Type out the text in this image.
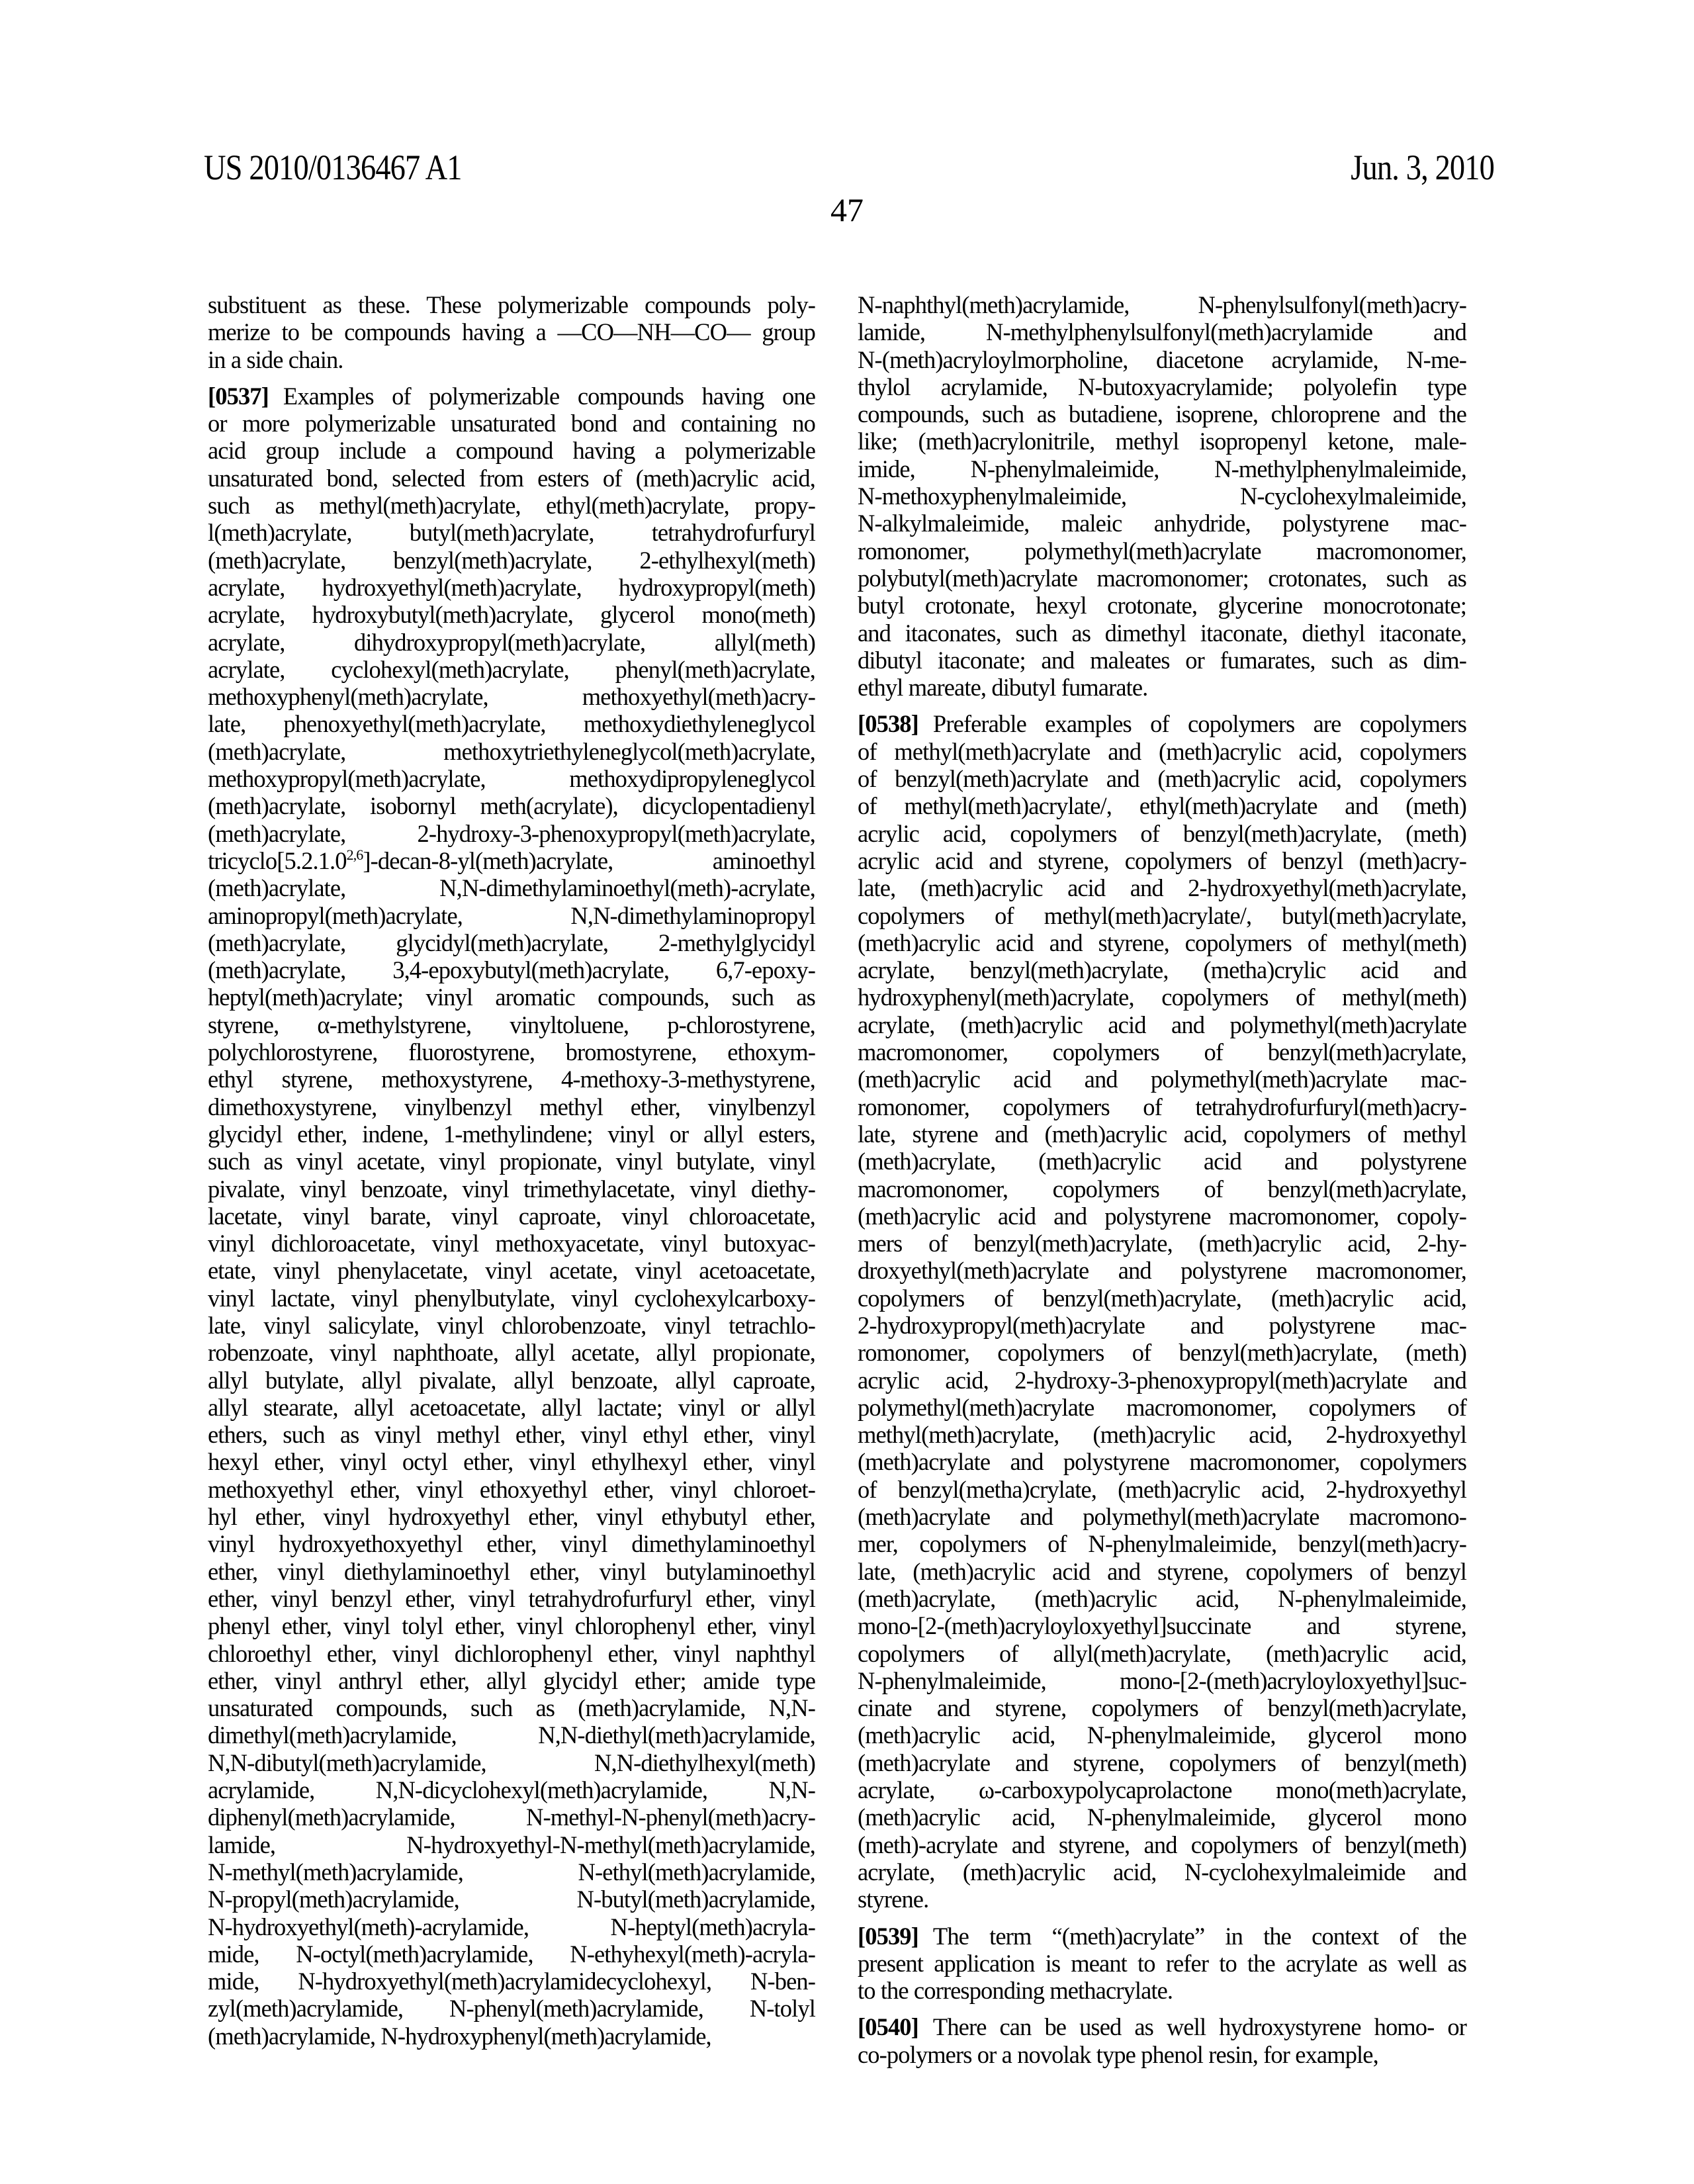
US 2010/0136467 A1	Jun. 3, 2010
47
substituent as these. These polymerizable compounds poly-
merize to be compounds having a —CO—NH—CO— group
in a side chain.
[0537] Examples of polymerizable compounds having one
or more polymerizable unsaturated bond and containing no
acid group include a compound having a polymerizable
unsaturated bond, selected from esters of (meth)acrylic acid,
such as methyl(meth)acrylate, ethyl(meth)acrylate, propy-
l(meth)acrylate, butyl(meth)acrylate, tetrahydrofurfuryl
(meth)acrylate, benzyl(meth)acrylate, 2-ethylhexyl(meth)
acrylate, hydroxyethyl(meth)acrylate, hydroxypropyl(meth)
acrylate, hydroxybutyl(meth)acrylate, glycerol mono(meth)
acrylate, dihydroxypropyl(meth)acrylate, allyl(meth)
acrylate, cyclohexyl(meth)acrylate, phenyl(meth)acrylate,
methoxyphenyl(meth)acrylate, methoxyethyl(meth)acry-
late, phenoxyethyl(meth)acrylate, methoxydiethyleneglycol
(meth)acrylate, methoxytriethyleneglycol(meth)acrylate,
methoxypropyl(meth)acrylate, methoxydipropyleneglycol
(meth)acrylate, isobornyl meth(acrylate), dicyclopentadienyl
(meth)acrylate, 2-hydroxy-3-phenoxypropyl(meth)acrylate,
tricyclo[5.2.1.0$^{2,6}$]-decan-8-yl(meth)acrylate, aminoethyl
(meth)acrylate, N,N-dimethylaminoethyl(meth)-acrylate,
aminopropyl(meth)acrylate, N,N-dimethylaminopropyl
(meth)acrylate, glycidyl(meth)acrylate, 2-methylglycidyl
(meth)acrylate, 3,4-epoxybutyl(meth)acrylate, 6,7-epoxy-
heptyl(meth)acrylate; vinyl aromatic compounds, such as
styrene, α-methylstyrene, vinyltoluene, p-chlorostyrene,
polychlorostyrene, fluorostyrene, bromostyrene, ethoxym-
ethyl styrene, methoxystyrene, 4-methoxy-3-methystyrene,
dimethoxystyrene, vinylbenzyl methyl ether, vinylbenzyl
glycidyl ether, indene, 1-methylindene; vinyl or allyl esters,
such as vinyl acetate, vinyl propionate, vinyl butylate, vinyl
pivalate, vinyl benzoate, vinyl trimethylacetate, vinyl diethy-
lacetate, vinyl barate, vinyl caproate, vinyl chloroacetate,
vinyl dichloroacetate, vinyl methoxyacetate, vinyl butoxyac-
etate, vinyl phenylacetate, vinyl acetate, vinyl acetoacetate,
vinyl lactate, vinyl phenylbutylate, vinyl cyclohexylcarboxy-
late, vinyl salicylate, vinyl chlorobenzoate, vinyl tetrachlo-
robenzoate, vinyl naphthoate, allyl acetate, allyl propionate,
allyl butylate, allyl pivalate, allyl benzoate, allyl caproate,
allyl stearate, allyl acetoacetate, allyl lactate; vinyl or allyl
ethers, such as vinyl methyl ether, vinyl ethyl ether, vinyl
hexyl ether, vinyl octyl ether, vinyl ethylhexyl ether, vinyl
methoxyethyl ether, vinyl ethoxyethyl ether, vinyl chloroet-
hyl ether, vinyl hydroxyethyl ether, vinyl ethybutyl ether,
vinyl hydroxyethoxyethyl ether, vinyl dimethylaminoethyl
ether, vinyl diethylaminoethyl ether, vinyl butylaminoethyl
ether, vinyl benzyl ether, vinyl tetrahydrofurfuryl ether, vinyl
phenyl ether, vinyl tolyl ether, vinyl chlorophenyl ether, vinyl
chloroethyl ether, vinyl dichlorophenyl ether, vinyl naphthyl
ether, vinyl anthryl ether, allyl glycidyl ether; amide type
unsaturated compounds, such as (meth)acrylamide, N,N-
dimethyl(meth)acrylamide, N,N-diethyl(meth)acrylamide,
N,N-dibutyl(meth)acrylamide, N,N-diethylhexyl(meth)
acrylamide, N,N-dicyclohexyl(meth)acrylamide, N,N-
diphenyl(meth)acrylamide, N-methyl-N-phenyl(meth)acry-
lamide, N-hydroxyethyl-N-methyl(meth)acrylamide,
N-methyl(meth)acrylamide, N-ethyl(meth)acrylamide,
N-propyl(meth)acrylamide, N-butyl(meth)acrylamide,
N-hydroxyethyl(meth)-acrylamide, N-heptyl(meth)acryla-
mide, N-octyl(meth)acrylamide, N-ethyhexyl(meth)-acryla-
mide, N-hydroxyethyl(meth)acrylamidecyclohexyl, N-ben-
zyl(meth)acrylamide, N-phenyl(meth)acrylamide, N-tolyl
(meth)acrylamide, N-hydroxyphenyl(meth)acrylamide,
N-naphthyl(meth)acrylamide, N-phenylsulfonyl(meth)acry-
lamide, N-methylphenylsulfonyl(meth)acrylamide and
N-(meth)acryloylmorpholine, diacetone acrylamide, N-me-
thylol acrylamide, N-butoxyacrylamide; polyolefin type
compounds, such as butadiene, isoprene, chloroprene and the
like; (meth)acrylonitrile, methyl isopropenyl ketone, male-
imide, N-phenylmaleimide, N-methylphenylmaleimide,
N-methoxyphenylmaleimide, N-cyclohexylmaleimide,
N-alkylmaleimide, maleic anhydride, polystyrene mac-
romonomer, polymethyl(meth)acrylate macromonomer,
polybutyl(meth)acrylate macromonomer; crotonates, such as
butyl crotonate, hexyl crotonate, glycerine monocrotonate;
and itaconates, such as dimethyl itaconate, diethyl itaconate,
dibutyl itaconate; and maleates or fumarates, such as dim-
ethyl mareate, dibutyl fumarate.
[0538] Preferable examples of copolymers are copolymers
of methyl(meth)acrylate and (meth)acrylic acid, copolymers
of benzyl(meth)acrylate and (meth)acrylic acid, copolymers
of methyl(meth)acrylate/, ethyl(meth)acrylate and (meth)
acrylic acid, copolymers of benzyl(meth)acrylate, (meth)
acrylic acid and styrene, copolymers of benzyl (meth)acry-
late, (meth)acrylic acid and 2-hydroxyethyl(meth)acrylate,
copolymers of methyl(meth)acrylate/, butyl(meth)acrylate,
(meth)acrylic acid and styrene, copolymers of methyl(meth)
acrylate, benzyl(meth)acrylate, (metha)crylic acid and
hydroxyphenyl(meth)acrylate, copolymers of methyl(meth)
acrylate, (meth)acrylic acid and polymethyl(meth)acrylate
macromonomer, copolymers of benzyl(meth)acrylate,
(meth)acrylic acid and polymethyl(meth)acrylate mac-
romonomer, copolymers of tetrahydrofurfuryl(meth)acry-
late, styrene and (meth)acrylic acid, copolymers of methyl
(meth)acrylate, (meth)acrylic acid and polystyrene
macromonomer, copolymers of benzyl(meth)acrylate,
(meth)acrylic acid and polystyrene macromonomer, copoly-
mers of benzyl(meth)acrylate, (meth)acrylic acid, 2-hy-
droxyethyl(meth)acrylate and polystyrene macromonomer,
copolymers of benzyl(meth)acrylate, (meth)acrylic acid,
2-hydroxypropyl(meth)acrylate and polystyrene mac-
romonomer, copolymers of benzyl(meth)acrylate, (meth)
acrylic acid, 2-hydroxy-3-phenoxypropyl(meth)acrylate and
polymethyl(meth)acrylate macromonomer, copolymers of
methyl(meth)acrylate, (meth)acrylic acid, 2-hydroxyethyl
(meth)acrylate and polystyrene macromonomer, copolymers
of benzyl(metha)crylate, (meth)acrylic acid, 2-hydroxyethyl
(meth)acrylate and polymethyl(meth)acrylate macromono-
mer, copolymers of N-phenylmaleimide, benzyl(meth)acry-
late, (meth)acrylic acid and styrene, copolymers of benzyl
(meth)acrylate, (meth)acrylic acid, N-phenylmaleimide,
mono-[2-(meth)acryloyloxyethyl]succinate and styrene,
copolymers of allyl(meth)acrylate, (meth)acrylic acid,
N-phenylmaleimide, mono-[2-(meth)acryloyloxyethyl]suc-
cinate and styrene, copolymers of benzyl(meth)acrylate,
(meth)acrylic acid, N-phenylmaleimide, glycerol mono
(meth)acrylate and styrene, copolymers of benzyl(meth)
acrylate, ω-carboxypolycaprolactone mono(meth)acrylate,
(meth)acrylic acid, N-phenylmaleimide, glycerol mono
(meth)-acrylate and styrene, and copolymers of benzyl(meth)
acrylate, (meth)acrylic acid, N-cyclohexylmaleimide and
styrene.
[0539] The term “(meth)acrylate” in the context of the
present application is meant to refer to the acrylate as well as
to the corresponding methacrylate.
[0540] There can be used as well hydroxystyrene homo- or
co-polymers or a novolak type phenol resin, for example,
